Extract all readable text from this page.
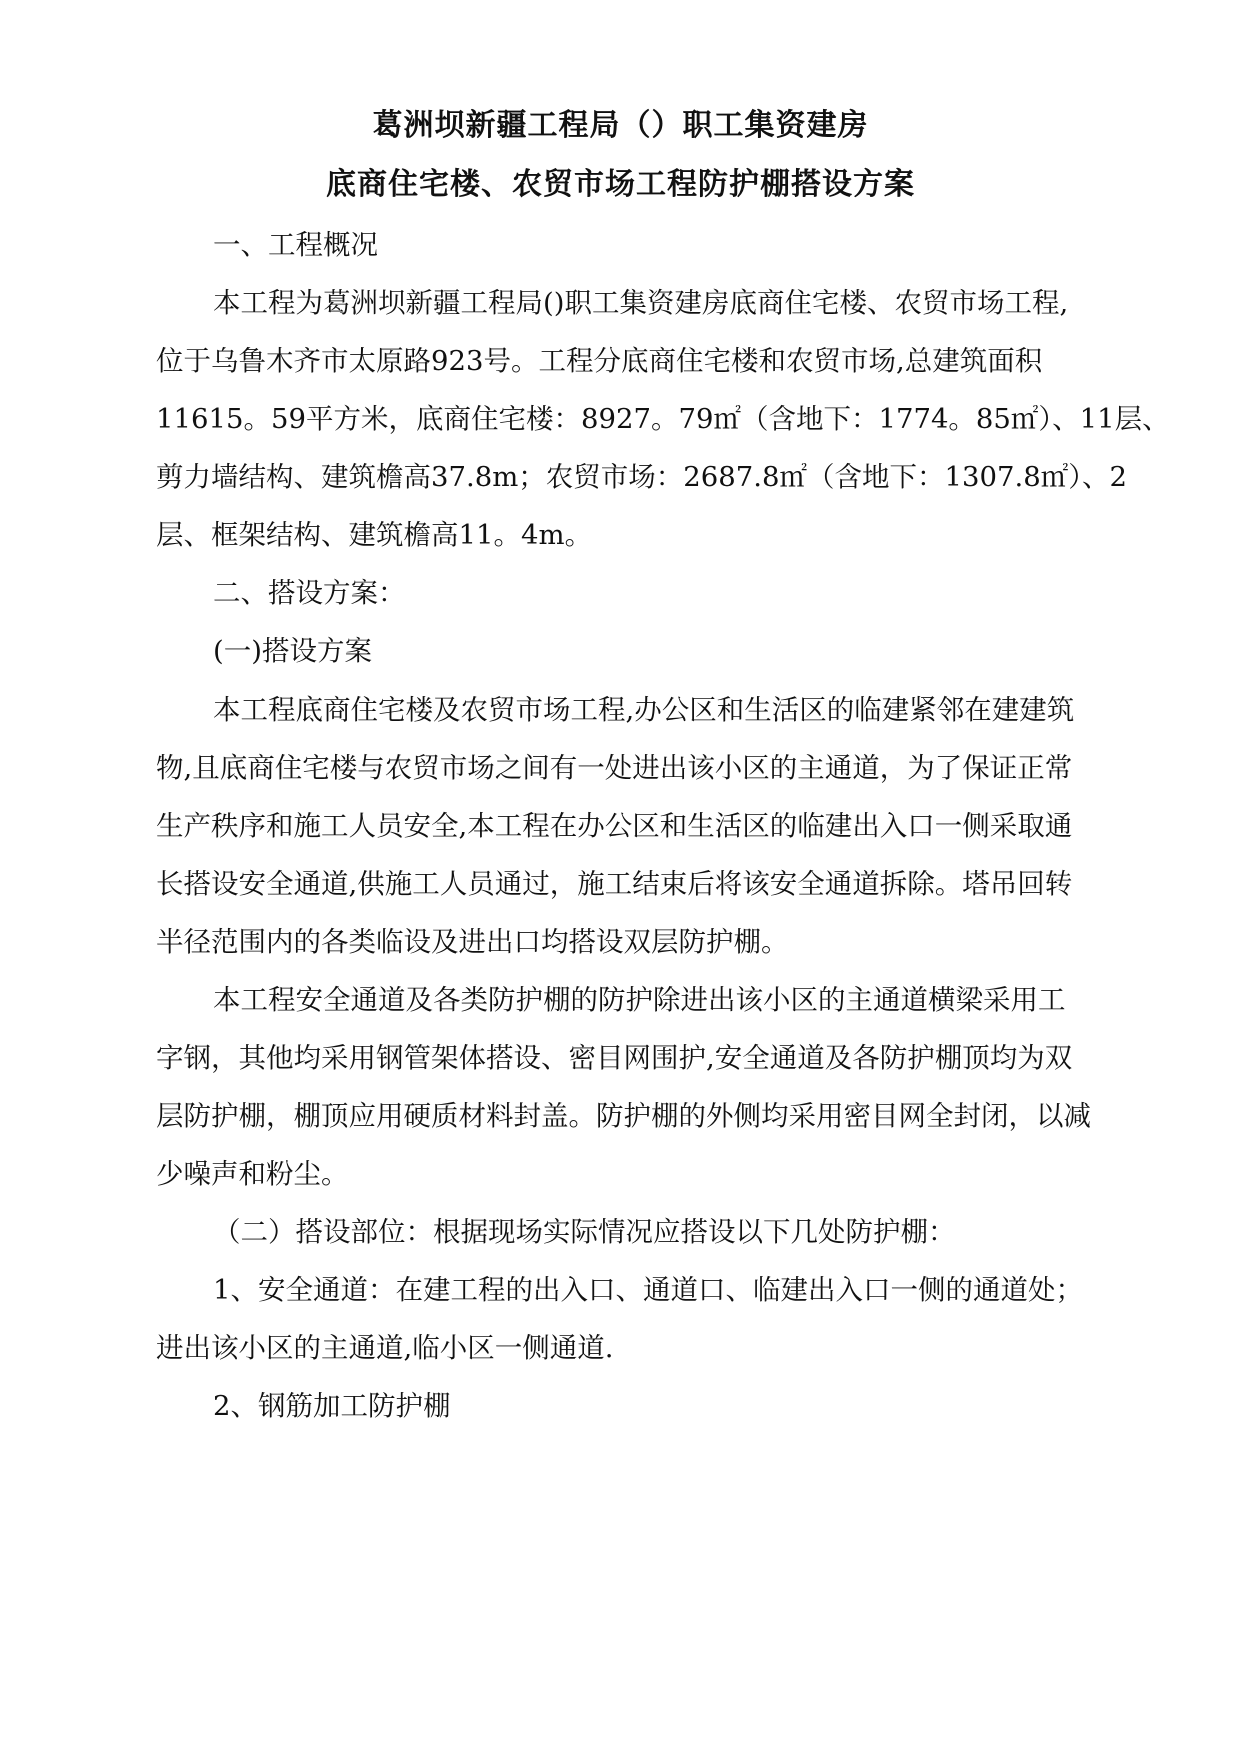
葛洲坝新疆工程局（）职工集资建房
底商住宅楼、农贸市场工程防护棚搭设方案
一、工程概况
本工程为葛洲坝新疆工程局()职工集资建房底商住宅楼、农贸市场工程,
位于乌鲁木齐市太原路923号。工程分底商住宅楼和农贸市场,总建筑面积
11615。59平方米，底商住宅楼：8927。79㎡（含地下：1774。85㎡）、11层、
剪力墙结构、建筑檐高37.8m；农贸市场：2687.8㎡（含地下：1307.8㎡）、2
层、框架结构、建筑檐高11。4m。
二、搭设方案：
(一)搭设方案
本工程底商住宅楼及农贸市场工程,办公区和生活区的临建紧邻在建建筑
物,且底商住宅楼与农贸市场之间有一处进出该小区的主通道，为了保证正常
生产秩序和施工人员安全,本工程在办公区和生活区的临建出入口一侧采取通
长搭设安全通道,供施工人员通过，施工结束后将该安全通道拆除。塔吊回转
半径范围内的各类临设及进出口均搭设双层防护棚。
本工程安全通道及各类防护棚的防护除进出该小区的主通道横梁采用工
字钢，其他均采用钢管架体搭设、密目网围护,安全通道及各防护棚顶均为双
层防护棚，棚顶应用硬质材料封盖。防护棚的外侧均采用密目网全封闭，以减
少噪声和粉尘。
（二）搭设部位：根据现场实际情况应搭设以下几处防护棚：
1、安全通道：在建工程的出入口、通道口、临建出入口一侧的通道处；
进出该小区的主通道,临小区一侧通道.
2、钢筋加工防护棚
